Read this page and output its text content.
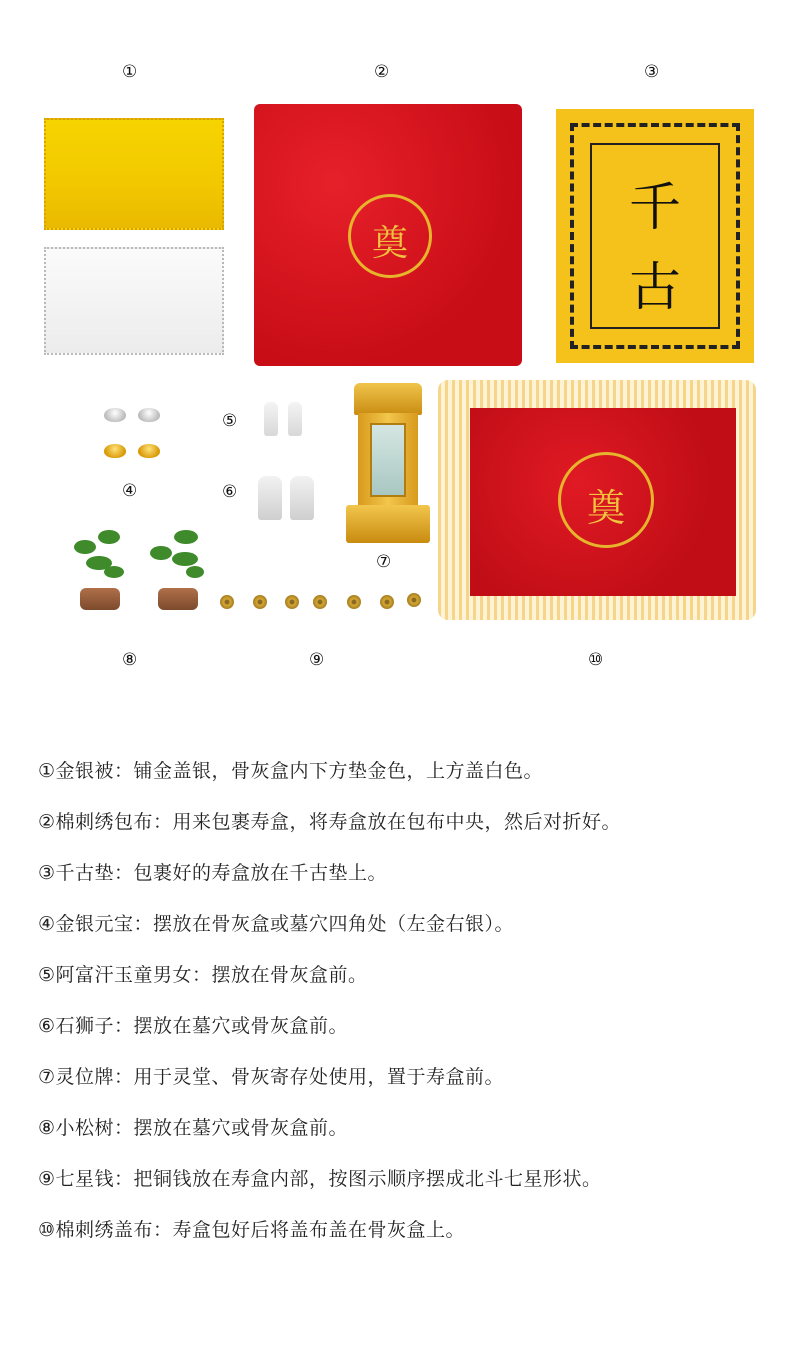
①	②	③
④
⑤
⑥
⑦
⑧	⑨	⑩
奠
千
古
奠
①金银被：铺金盖银，骨灰盒内下方垫金色，上方盖白色。
②棉刺绣包布：用来包裹寿盒，将寿盒放在包布中央，然后对折好。
③千古垫：包裹好的寿盒放在千古垫上。
④金银元宝：摆放在骨灰盒或墓穴四角处（左金右银）。
⑤阿富汗玉童男女：摆放在骨灰盒前。
⑥石狮子：摆放在墓穴或骨灰盒前。
⑦灵位牌：用于灵堂、骨灰寄存处使用，置于寿盒前。
⑧小松树：摆放在墓穴或骨灰盒前。
⑨七星钱：把铜钱放在寿盒内部，按图示顺序摆成北斗七星形状。
⑩棉刺绣盖布：寿盒包好后将盖布盖在骨灰盒上。
